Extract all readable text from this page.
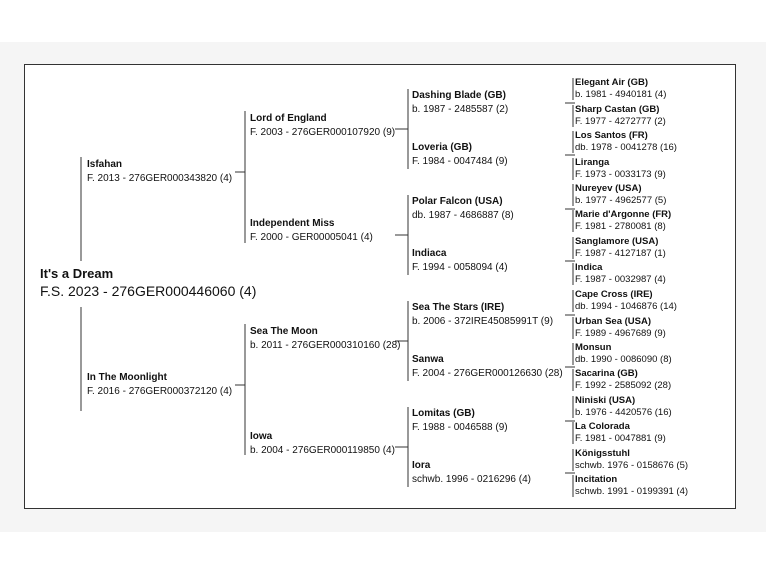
It's a Dream
F.S. 2023 - 276GER000446060 (4)
Isfahan
F. 2013 - 276GER000343820 (4)
In The Moonlight
F. 2016 - 276GER000372120 (4)
Lord of England
F. 2003 - 276GER000107920 (9)
Independent Miss
F. 2000 - GER00005041 (4)
Sea The Moon
b. 2011 - 276GER000310160 (28)
Iowa
b. 2004 - 276GER000119850 (4)
Dashing Blade (GB)
b. 1987 - 2485587 (2)
Loveria (GB)
F. 1984 - 0047484 (9)
Polar Falcon (USA)
db. 1987 - 4686887 (8)
Indiaca
F. 1994 - 0058094 (4)
Sea The Stars (IRE)
b. 2006 - 372IRE45085991T (9)
Sanwa
F. 2004 - 276GER000126630 (28)
Lomitas (GB)
F. 1988 - 0046588 (9)
Iora
schwb. 1996 - 0216296 (4)
Elegant Air (GB)
b. 1981 - 4940181 (4)
Sharp Castan (GB)
F. 1977 - 4272777 (2)
Los Santos (FR)
db. 1978 - 0041278 (16)
Liranga
F. 1973 - 0033173 (9)
Nureyev (USA)
b. 1977 - 4962577 (5)
Marie d'Argonne (FR)
F. 1981 - 2780081 (8)
Sanglamore (USA)
F. 1987 - 4127187 (1)
Indica
F. 1987 - 0032987 (4)
Cape Cross (IRE)
db. 1994 - 1046876 (14)
Urban Sea (USA)
F. 1989 - 4967689 (9)
Monsun
db. 1990 - 0086090 (8)
Sacarina (GB)
F. 1992 - 2585092 (28)
Niniski (USA)
b. 1976 - 4420576 (16)
La Colorada
F. 1981 - 0047881 (9)
Königsstuhl
schwb. 1976 - 0158676 (5)
Incitation
schwb. 1991 - 0199391 (4)
